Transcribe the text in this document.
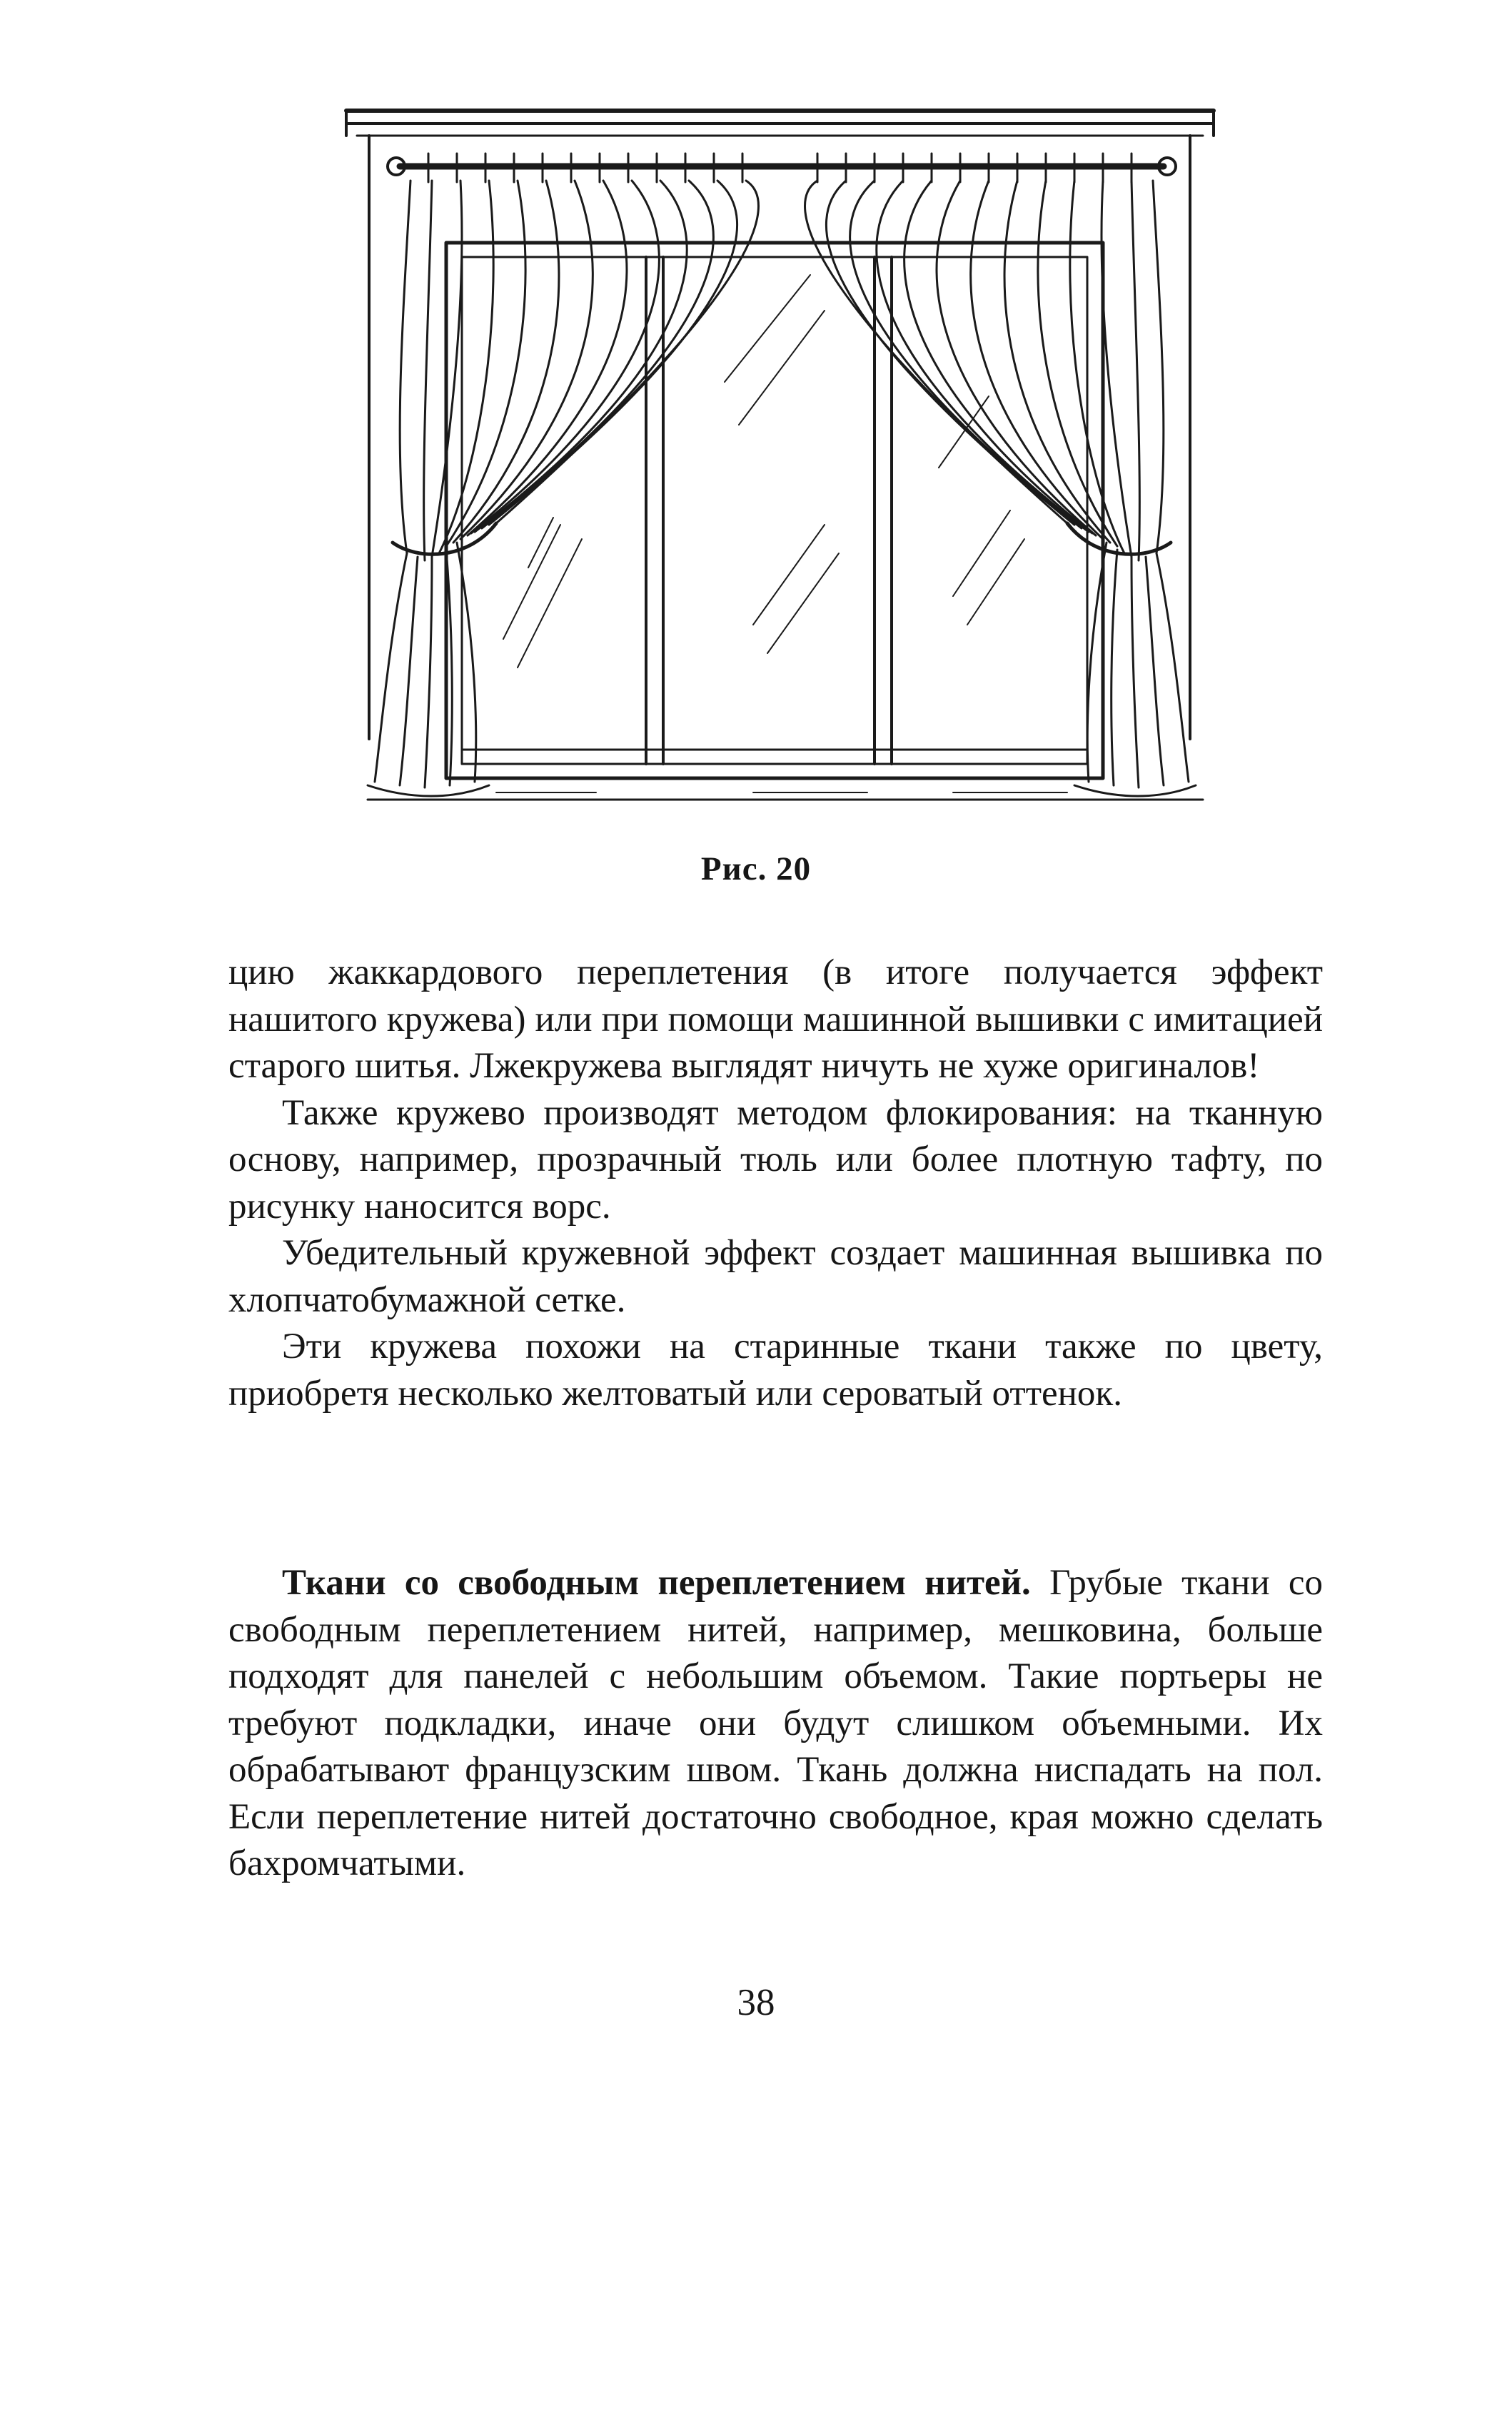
Рис. 20

цию жаккардового переплетения (в итоге получается эффект нашитого кружева) или при помощи машинной вышивки с имитацией старого шитья. Лжекружева выглядят ничуть не хуже оригиналов!

Также кружево производят методом флокирования: на тканную основу, например, прозрачный тюль или более плотную тафту, по рисунку наносится ворс.

Убедительный кружевной эффект создает машинная вышивка по хлопчатобумажной сетке.

Эти кружева похожи на старинные ткани также по цвету, приобретя несколько желтоватый или сероватый оттенок.

Ткани со свободным переплетением нитей. Грубые ткани со свободным переплетением нитей, например, мешковина, больше подходят для панелей с небольшим объемом. Такие портьеры не требуют подкладки, иначе они будут слишком объемными. Их обрабатывают французским швом. Ткань должна ниспадать на пол. Если переплетение нитей достаточно свободное, края можно сделать бахромчатыми.

38
